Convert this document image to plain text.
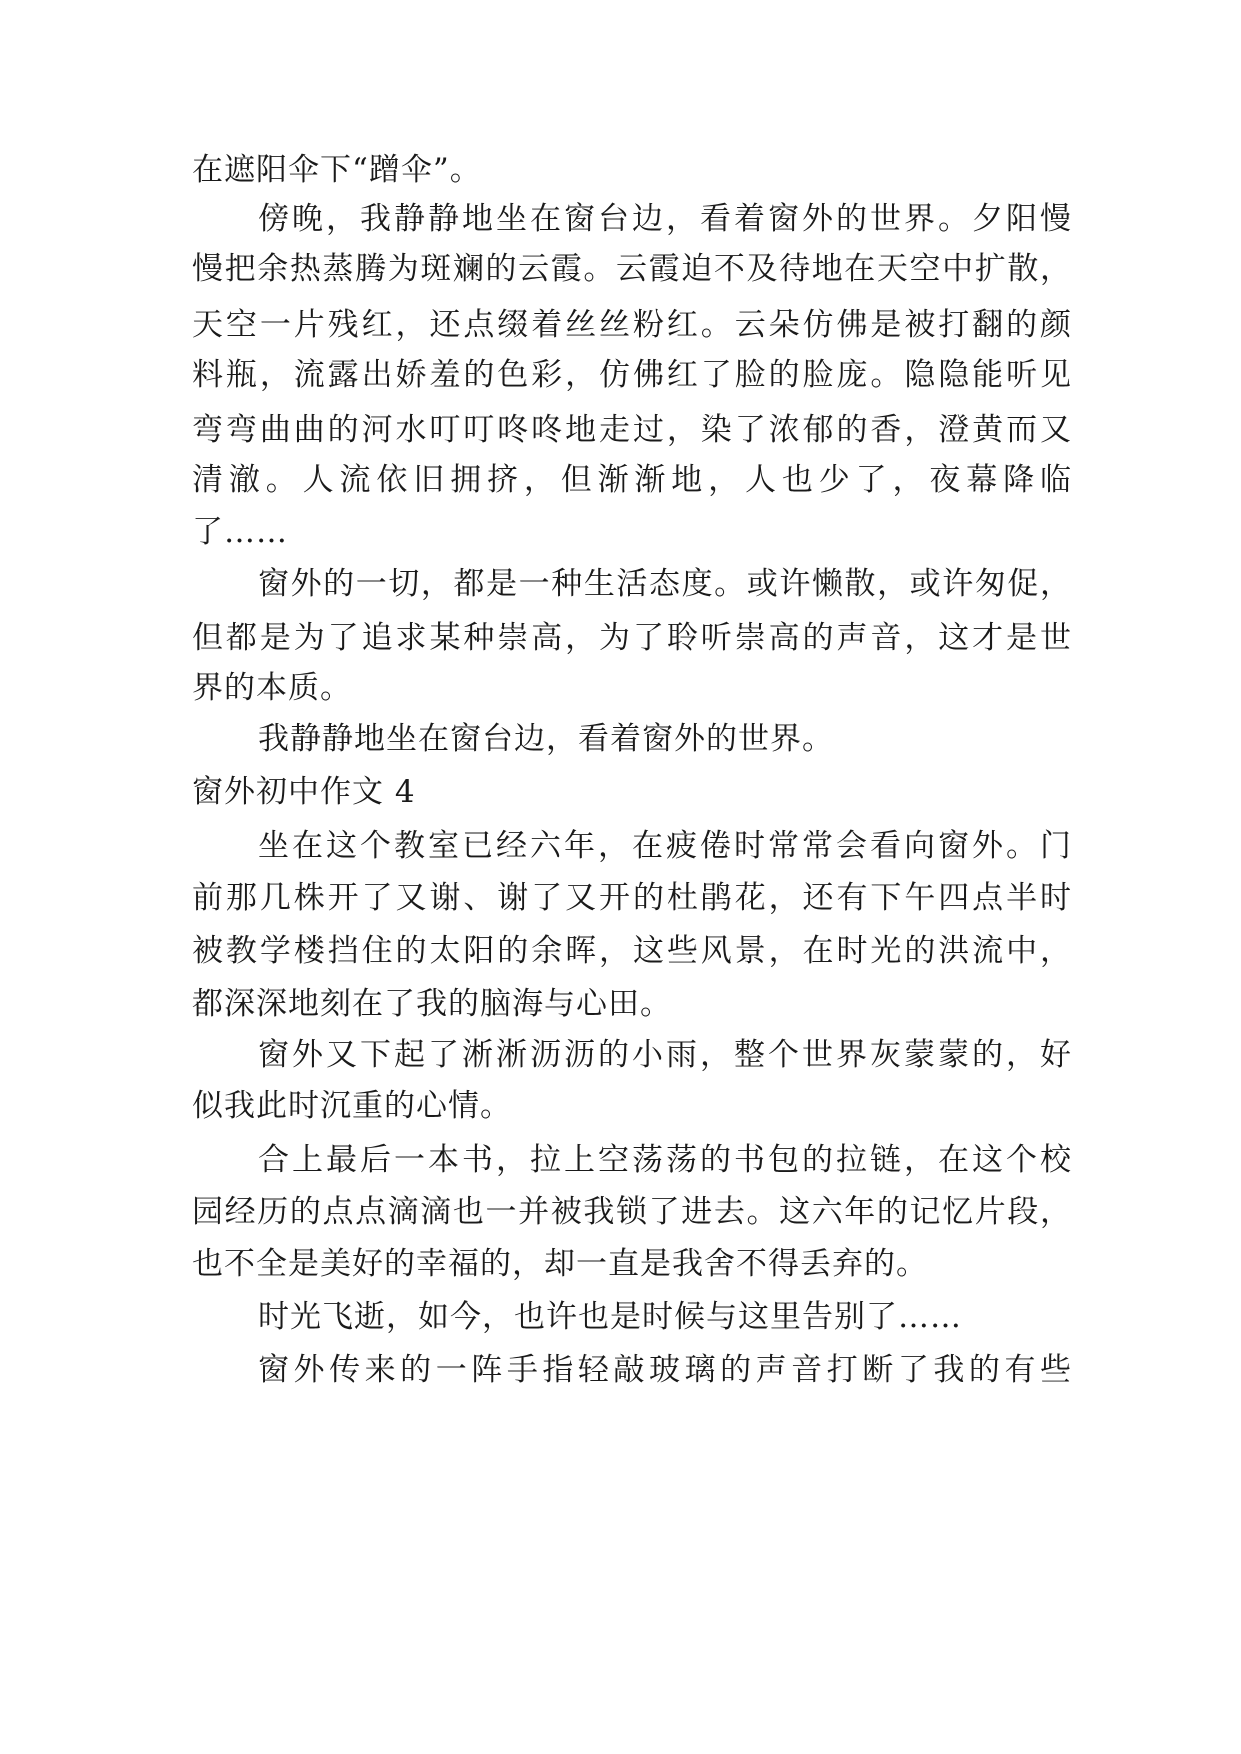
在遮阳伞下“蹭伞”。
傍晚，我静静地坐在窗台边，看着窗外的世界。夕阳慢
慢把余热蒸腾为斑斓的云霞。云霞迫不及待地在天空中扩散，
天空一片残红，还点缀着丝丝粉红。云朵仿佛是被打翻的颜
料瓶，流露出娇羞的色彩，仿佛红了脸的脸庞。隐隐能听见
弯弯曲曲的河水叮叮咚咚地走过，染了浓郁的香，澄黄而又
清澈。人流依旧拥挤，但渐渐地，人也少了，夜幕降临
了……
窗外的一切，都是一种生活态度。或许懒散，或许匆促，
但都是为了追求某种崇高，为了聆听崇高的声音，这才是世
界的本质。
我静静地坐在窗台边，看着窗外的世界。
窗外初中作文 4
坐在这个教室已经六年，在疲倦时常常会看向窗外。门
前那几株开了又谢、谢了又开的杜鹃花，还有下午四点半时
被教学楼挡住的太阳的余晖，这些风景，在时光的洪流中，
都深深地刻在了我的脑海与心田。
窗外又下起了淅淅沥沥的小雨，整个世界灰蒙蒙的，好
似我此时沉重的心情。
合上最后一本书，拉上空荡荡的书包的拉链，在这个校
园经历的点点滴滴也一并被我锁了进去。这六年的记忆片段，
也不全是美好的幸福的，却一直是我舍不得丢弃的。
时光飞逝，如今，也许也是时候与这里告别了……
窗外传来的一阵手指轻敲玻璃的声音打断了我的有些
